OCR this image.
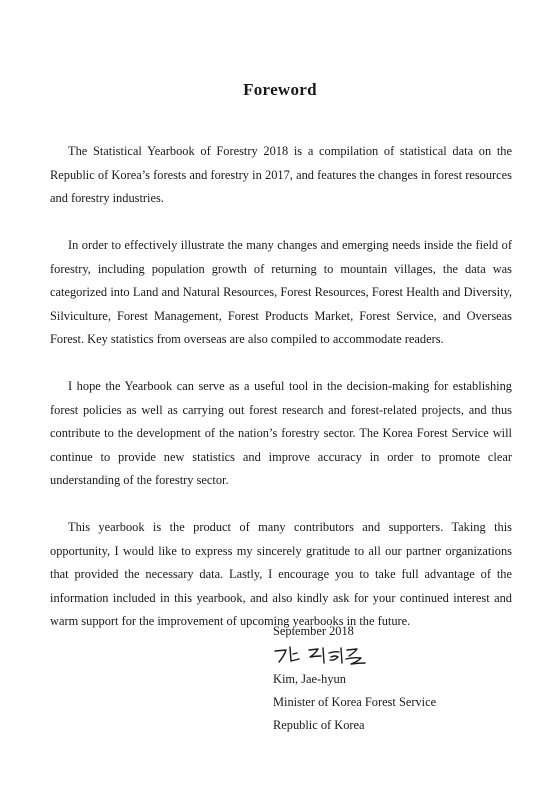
Foreword

The Statistical Yearbook of Forestry 2018 is a compilation of statistical data on the Republic of Korea’s forests and forestry in 2017, and features the changes in forest resources and forestry industries.

In order to effectively illustrate the many changes and emerging needs inside the field of forestry, including population growth of returning to mountain villages, the data was categorized into Land and Natural Resources, Forest Resources, Forest Health and Diversity, Silviculture, Forest Management, Forest Products Market, Forest Service, and Overseas Forest. Key statistics from overseas are also compiled to accommodate readers.

I hope the Yearbook can serve as a useful tool in the decision-making for establishing forest policies as well as carrying out forest research and forest-related projects, and thus contribute to the development of the nation’s forestry sector. The Korea Forest Service will continue to provide new statistics and improve accuracy in order to promote clear understanding of the forestry sector.

This yearbook is the product of many contributors and supporters. Taking this opportunity, I would like to express my sincerely gratitude to all our partner organizations that provided the necessary data. Lastly, I encourage you to take full advantage of the information included in this yearbook, and also kindly ask for your continued interest and warm support for the improvement of upcoming yearbooks in the future.

September 2018
Kim, Jae-hyun
Minister of Korea Forest Service
Republic of Korea
